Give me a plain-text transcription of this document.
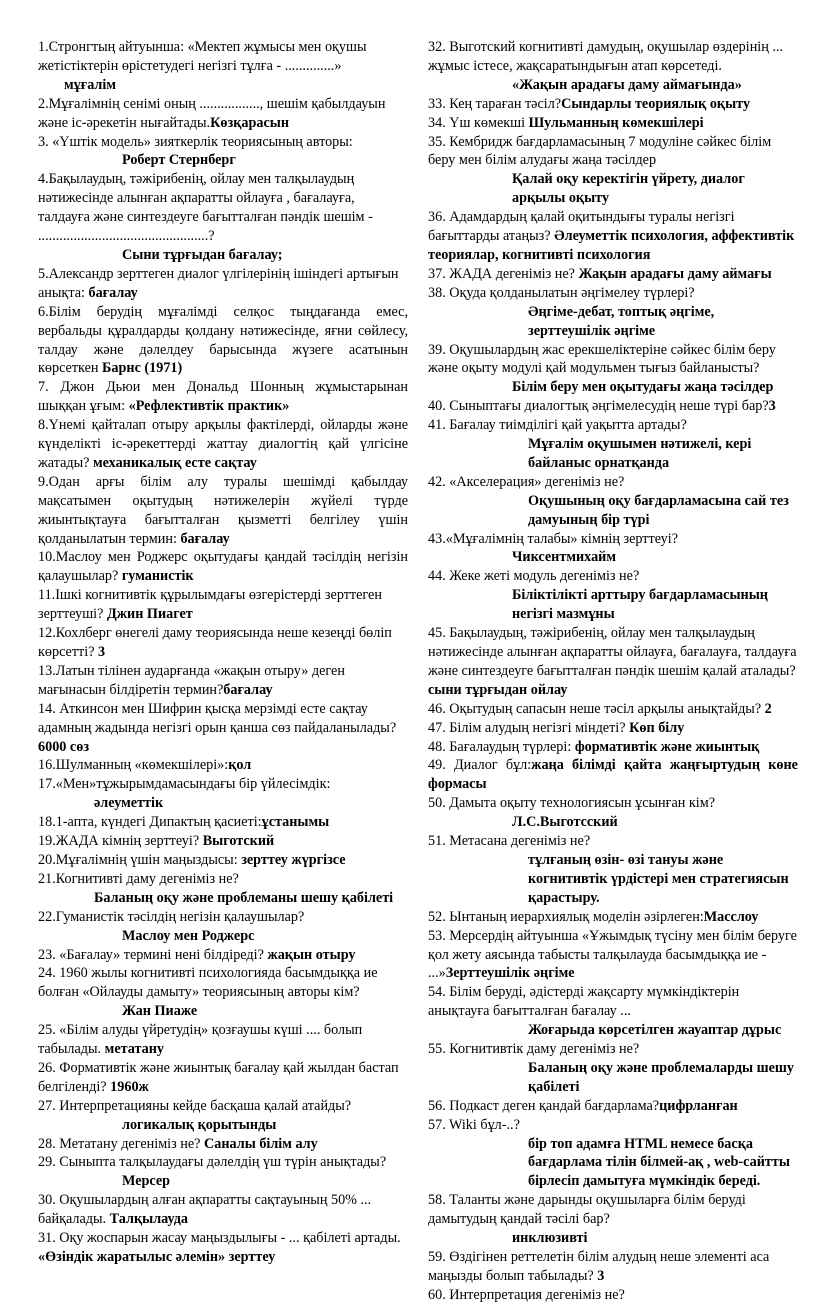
1.Стронгтың айтуынша: «Мектеп жұмысы мен оқушы жетістіктерін өрістетудегі негізгі тұлға - ..............»

мұғалім

2.Мұғалімнің сенімі оның ................., шешім қабылдауын және іс-әрекетін нығайтады.Көзқарасын

3. «Үштік модель» зияткерлік теориясының авторы:

Роберт Стернберг

4.Бақылаудың, тәжірибенің, ойлау мен талқылаудың нәтижесінде алынған ақпаратты ойлауға , бағалауға, талдауға және синтездеуге бағытталған пәндік шешім - ................................................?

Сыни тұрғыдан бағалау;

5.Александр зерттеген диалог үлгілерінің ішіндегі артығын анықта: бағалау

6.Білім берудің мұғалімді селқос тыңдағанда емес, вербальды құралдарды қолдану нәтижесінде, яғни сөйлесу, талдау және дәлелдеу барысында жүзеге асатынын көрсеткен Барнс (1971)

7. Джон Дьюи мен Дональд Шонның жұмыстарынан шыққан ұғым: «Рефлективтік практик»

8.Үнемі қайталап отыру арқылы фактілерді, ойларды және күнделікті іс-әрекеттерді жаттау диалогтің қай үлгісіне жатады? механикалық есте сақтау

9.Одан арғы білім алу туралы шешімді қабылдау мақсатымен оқытудың нәтижелерін жүйелі түрде жиынтықтауға бағытталған қызметті белгілеу үшін қолданылатын термин: бағалау

10.Маслоу мен Роджерс оқытудағы қандай тәсілдің негізін қалаушылар? гуманистік

11.Ішкі когнитивтік құрылымдағы өзгерістерді зерттеген зерттеуші? Джин Пиагет

12.Кохлберг өнегелі даму теориясында неше кезеңді бөліп көрсетті? 3

13.Латын тілінен аударғанда «жақын отыру» деген мағынасын білдіретін термин?бағалау

14. Аткинсон мен Шифрин қысқа мерзімді есте сақтау адамның жадында негізгі орын қанша сөз пайдаланылады? 6000 сөз

16.Шулманның «көмекшілері»:қол

17.«Мен»тұжырымдамасындағы бір үйлесімдік:

әлеуметтік

18.1-апта, күндегі Дипактың қасиеті:ұстанымы

19.ЖАДА кімнің зерттеуі? Выготский

20.Мұғалімнің үшін маңыздысы: зерттеу жүргізсе

21.Когнитивті даму дегеніміз не?

Баланың оқу және проблеманы шешу қабілеті

22.Гуманистік тәсілдің негізін қалаушылар?

Маслоу мен Роджерс

23. «Бағалау» термині нені білдіреді? жақын отыру

24. 1960 жылы когнитивті психологияда басымдыққа ие болған «Ойлауды дамыту» теориясының авторы кім?

Жан Пиаже

25. «Білім алуды үйретудің» қозғаушы күші .... болып табылады. метатану

26. Формативтік және жиынтық бағалау қай жылдан бастап белгіленді? 1960ж

27. Интерпретацияны кейде басқаша қалай атайды?

логикалық қорытынды

28. Метатану дегеніміз не? Саналы білім алу

29. Сыныпта талқылаудағы дәлелдің үш түрін анықтады?

Мерсер

30. Оқушылардың алған ақпаратты сақтауының 50% ... байқалады. Талқылауда

31. Оқу жоспарын жасау маңыздылығы - ... қабілеті артады. «Өзіндік жаратылыс әлемін» зерттеу

32. Выготский когнитивті дамудың, оқушылар өздерінің ... жұмыс істесе, жақсаратындығын атап көрсетеді.

«Жақын арадағы даму аймағында»

33. Кең тараған тәсіл?Сындарлы теориялық оқыту

34. Үш көмекші Шульманның көмекшілері

35. Кембридж бағдарламасының 7 модуліне сәйкес білім беру мен білім алудағы жаңа тәсілдер

Қалай оқу керектігін үйрету, диалог арқылы оқыту

36. Адамдардың қалай оқитындығы туралы негізгі бағыттарды атаңыз? Әлеуметтік психология, аффективтік теориялар, когнитивті психология

37. ЖАДА дегеніміз не? Жақын арадағы даму аймағы

38. Оқуда қолданылатын әңгімелеу түрлері?

Әңгіме-дебат, топтық әңгіме, зерттеушілік әңгіме

39. Оқушылардың жас ерекшеліктеріне сәйкес білім беру және оқыту модулі қай модульмен тығыз байланысты?

Білім беру мен оқытудағы жаңа тәсілдер

40. Сыныптағы диалогтық әңгімелесудің неше түрі бар?3

41. Бағалау тиімділігі қай уақытта артады?

Мұғалім оқушымен нәтижелі, кері байланыс орнатқанда

42. «Акселерация» дегеніміз не?

Оқушының оқу бағдарламасына сай тез дамуының бір түрі

43.«Мұғалімнің талабы» кімнің зерттеуі?

Чиксентмихайм

44. Жеке жеті модуль дегеніміз не?

Біліктілікті арттыру бағдарламасының негізгі мазмұны

45. Бақылаудың, тәжірибенің, ойлау мен талқылаудың нәтижесінде алынған ақпаратты ойлауға, бағалауға, талдауға және синтездеуге бағытталған пәндік шешім қалай аталады? сыни тұрғыдан ойлау

46. Оқытудың сапасын неше тәсіл арқылы анықтайды? 2

47. Білім алудың негізгі міндеті? Көп білу

48. Бағалаудың түрлері: формативтік және жиынтық

49. Диалог бұл:жаңа білімді қайта жаңғыртудың көне формасы

50. Дамыта оқыту технологиясын ұсынған кім?

Л.С.Выготсский

51. Метасана дегеніміз не?

тұлғаның өзін- өзі тануы және когнитивтік үрдістері мен стратегиясын қарастыру.

52. Ынтаның иерархиялық моделін әзірлеген:Масслоу

53. Мерсердің айтуынша «Ұжымдық түсіну мен білім беруге қол жету аясында табысты талқылауда басымдыққа ие - ...»Зерттеушілік әңгіме

54. Білім беруді, әдістерді жақсарту мүмкіндіктерін анықтауға бағытталған бағалау ...

Жоғарыда көрсетілген жауаптар дұрыс

55. Когнитивтік даму дегеніміз не?

Баланың оқу және проблемаларды шешу қабілеті

56. Подкаст деген қандай бағдарлама?цифрланған

57. Wiki бұл-..?

бір топ адамға HTML немесе басқа бағдарлама тілін білмей-ақ , web-сайтты бірлесіп дамытуға мүмкіндік береді.

58. Таланты және дарынды оқушыларға білім беруді дамытудың қандай тәсілі бар?

инклюзивті

59. Өздігінен реттелетін білім алудың неше элементі аса маңызды болып табылады? 3

60. Интерпретация дегеніміз не?
